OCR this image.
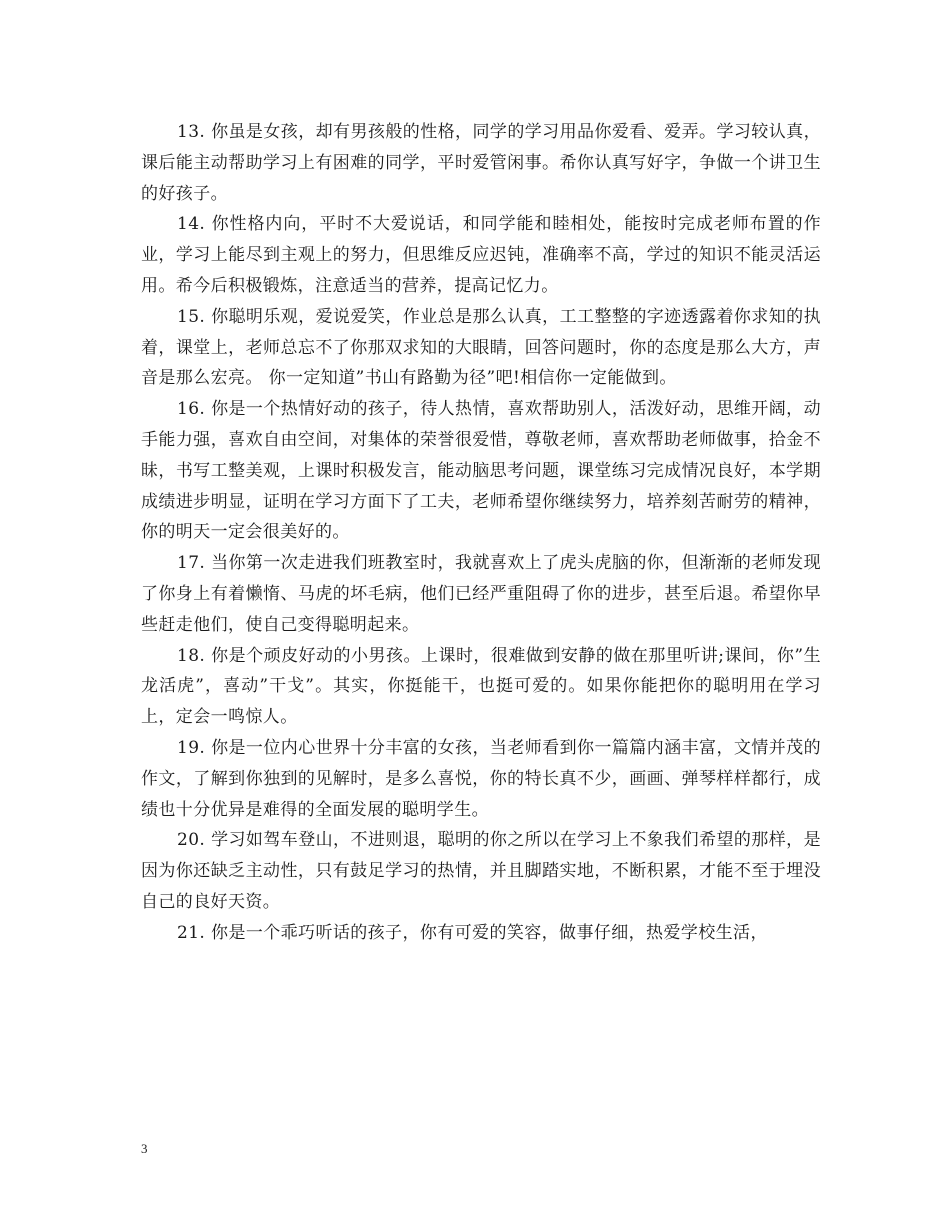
13. 你虽是女孩，却有男孩般的性格，同学的学习用品你爱看、爱弄。学习较认真，课后能主动帮助学习上有困难的同学，平时爱管闲事。希你认真写好字，争做一个讲卫生的好孩子。

14. 你性格内向，平时不大爱说话，和同学能和睦相处，能按时完成老师布置的作业，学习上能尽到主观上的努力，但思维反应迟钝，准确率不高，学过的知识不能灵活运用。希今后积极锻炼，注意适当的营养，提高记忆力。

15. 你聪明乐观，爱说爱笑，作业总是那么认真，工工整整的字迹透露着你求知的执着，课堂上，老师总忘不了你那双求知的大眼睛，回答问题时，你的态度是那么大方，声音是那么宏亮。 你一定知道”书山有路勤为径”吧!相信你一定能做到。

16. 你是一个热情好动的孩子，待人热情，喜欢帮助别人，活泼好动，思维开阔，动手能力强，喜欢自由空间，对集体的荣誉很爱惜，尊敬老师，喜欢帮助老师做事，拾金不昧，书写工整美观，上课时积极发言，能动脑思考问题，课堂练习完成情况良好，本学期成绩进步明显，证明在学习方面下了工夫，老师希望你继续努力，培养刻苦耐劳的精神，你的明天一定会很美好的。

17. 当你第一次走进我们班教室时，我就喜欢上了虎头虎脑的你，但渐渐的老师发现了你身上有着懒惰、马虎的坏毛病，他们已经严重阻碍了你的进步，甚至后退。希望你早些赶走他们，使自己变得聪明起来。

18. 你是个顽皮好动的小男孩。上课时，很难做到安静的做在那里听讲;课间，你”生龙活虎”，喜动”干戈”。其实，你挺能干，也挺可爱的。如果你能把你的聪明用在学习上，定会一鸣惊人。

19. 你是一位内心世界十分丰富的女孩，当老师看到你一篇篇内涵丰富，文情并茂的作文，了解到你独到的见解时，是多么喜悦，你的特长真不少，画画、弹琴样样都行，成绩也十分优异是难得的全面发展的聪明学生。

20. 学习如驾车登山，不进则退，聪明的你之所以在学习上不象我们希望的那样，是因为你还缺乏主动性，只有鼓足学习的热情，并且脚踏实地，不断积累，才能不至于埋没自己的良好天资。

21. 你是一个乖巧听话的孩子，你有可爱的笑容，做事仔细，热爱学校生活，

3
